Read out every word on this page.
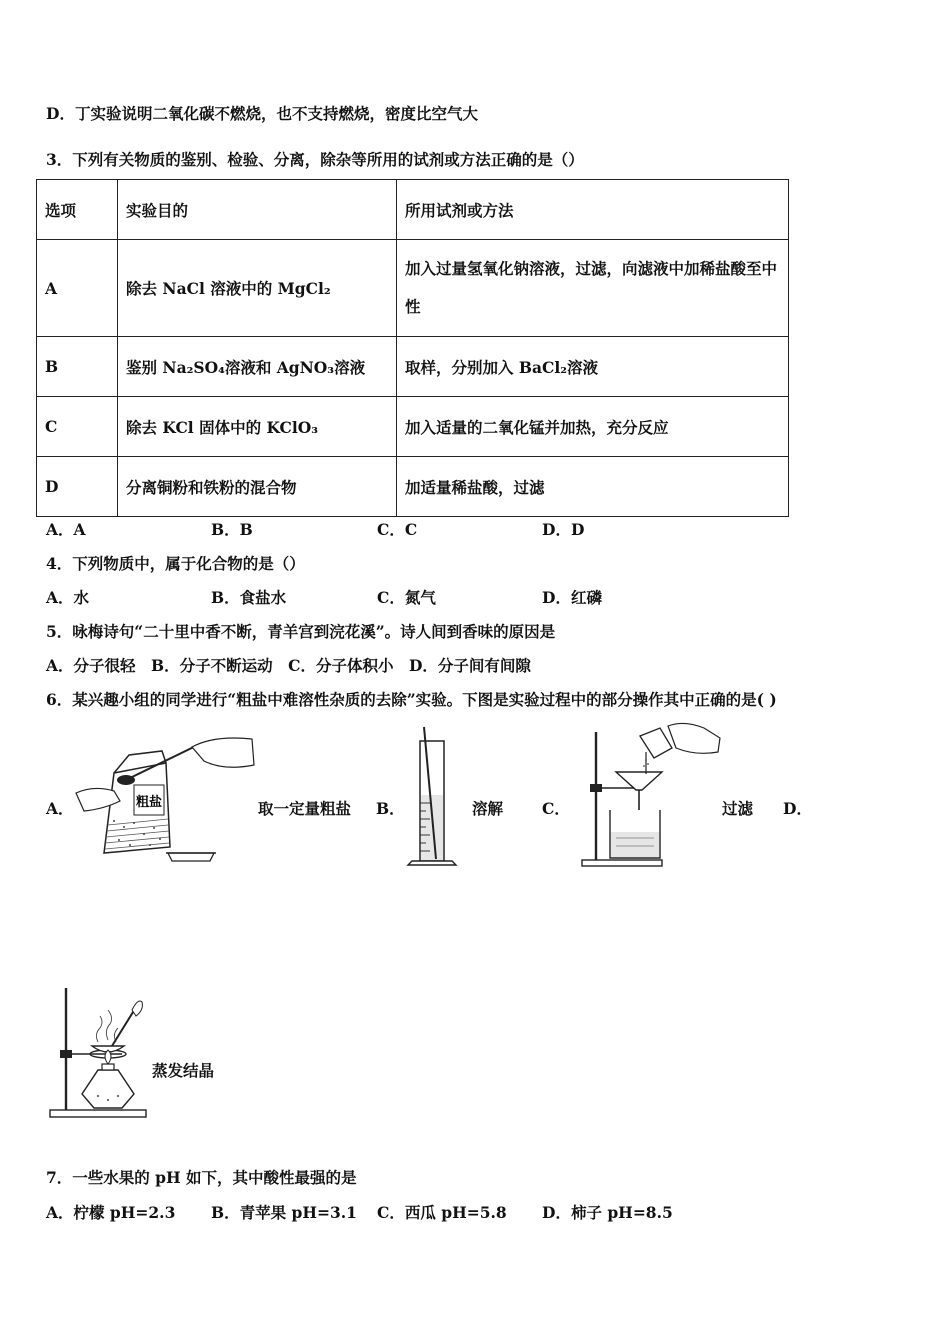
D．丁实验说明二氧化碳不燃烧，也不支持燃烧，密度比空气大
3．下列有关物质的鉴别、检验、分离，除杂等所用的试剂或方法正确的是（）
选项	实验目的	所用试剂或方法
A	除去 NaCl 溶液中的 MgCl₂	加入过量氢氧化钠溶液，过滤，向滤液中加稀盐酸至中性
B	鉴别 Na₂SO₄溶液和 AgNO₃溶液	取样，分别加入 BaCl₂溶液
C	除去 KCl 固体中的 KClO₃	加入适量的二氧化锰并加热，充分反应
D	分离铜粉和铁粉的混合物	加适量稀盐酸，过滤
A．A	B．B	C．C	D．D
4．下列物质中，属于化合物的是（）
A．水	B．食盐水	C．氮气	D．红磷
5．咏梅诗句“二十里中香不断，青羊宫到浣花溪”。诗人间到香味的原因是
A．分子很轻　B．分子不断运动　C．分子体积小　D．分子间有间隙
6．某兴趣小组的同学进行“粗盐中难溶性杂质的去除”实验。下图是实验过程中的部分操作其中正确的是( )
A．	粗盐	取一定量粗盐 B．	溶解	C．	过滤 D．
蒸发结晶
7．一些水果的 pH 如下，其中酸性最强的是
A．柠檬 pH=2.3 B．青苹果 pH=3.1 C．西瓜 pH=5.8 D．柿子 pH=8.5
